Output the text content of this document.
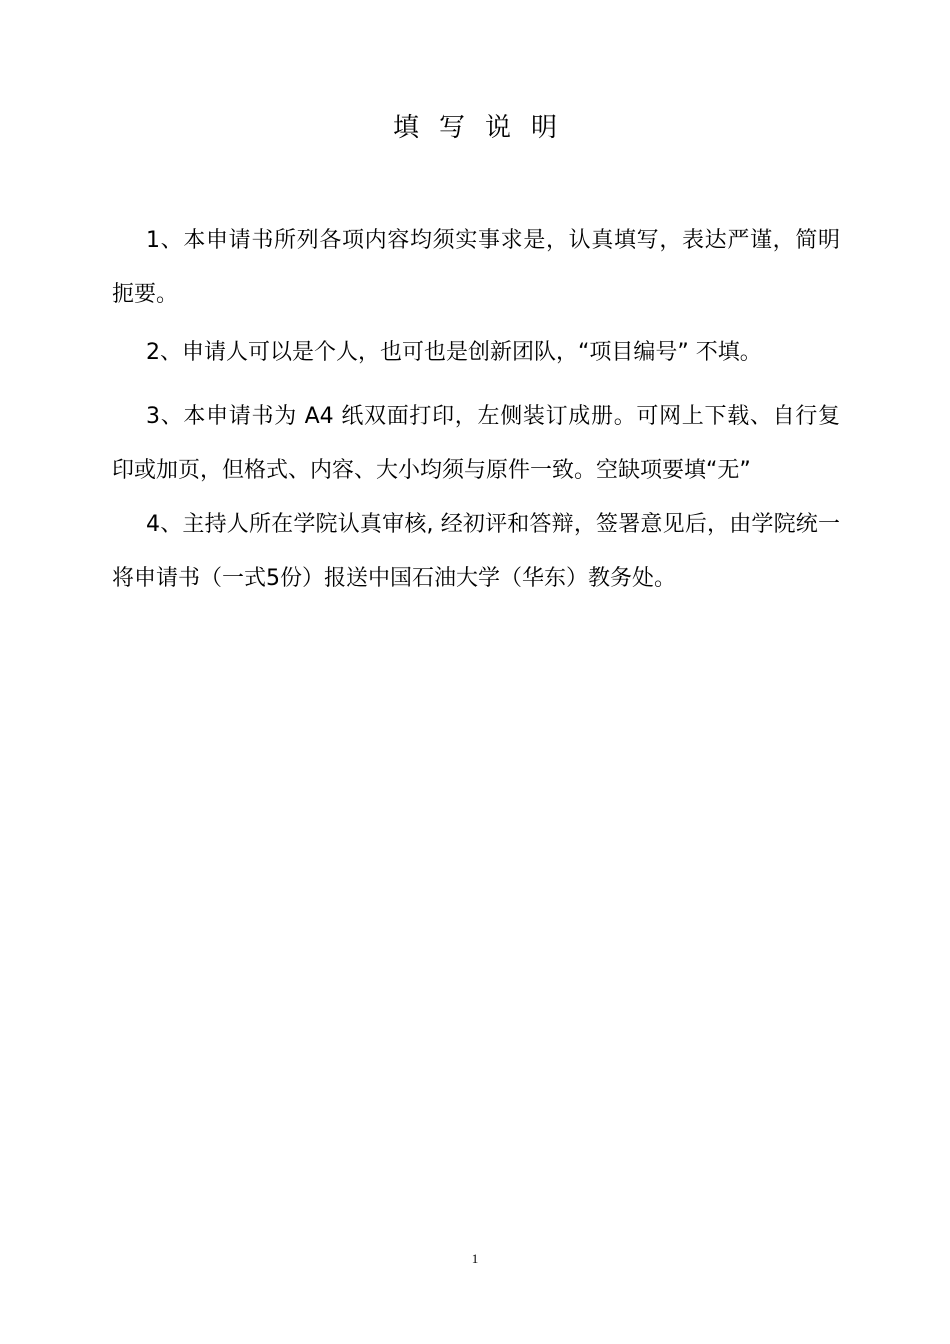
填写说明

1、本申请书所列各项内容均须实事求是，认真填写，表达严谨，简明扼要。

2、申请人可以是个人，也可也是创新团队，“项目编号” 不填。

3、本申请书为 A4 纸双面打印，左侧装订成册。可网上下载、自行复印或加页，但格式、内容、大小均须与原件一致。空缺项要填“无”

4、主持人所在学院认真审核, 经初评和答辩，签署意见后，由学院统一将申请书（一式5份）报送中国石油大学（华东）教务处。

1
